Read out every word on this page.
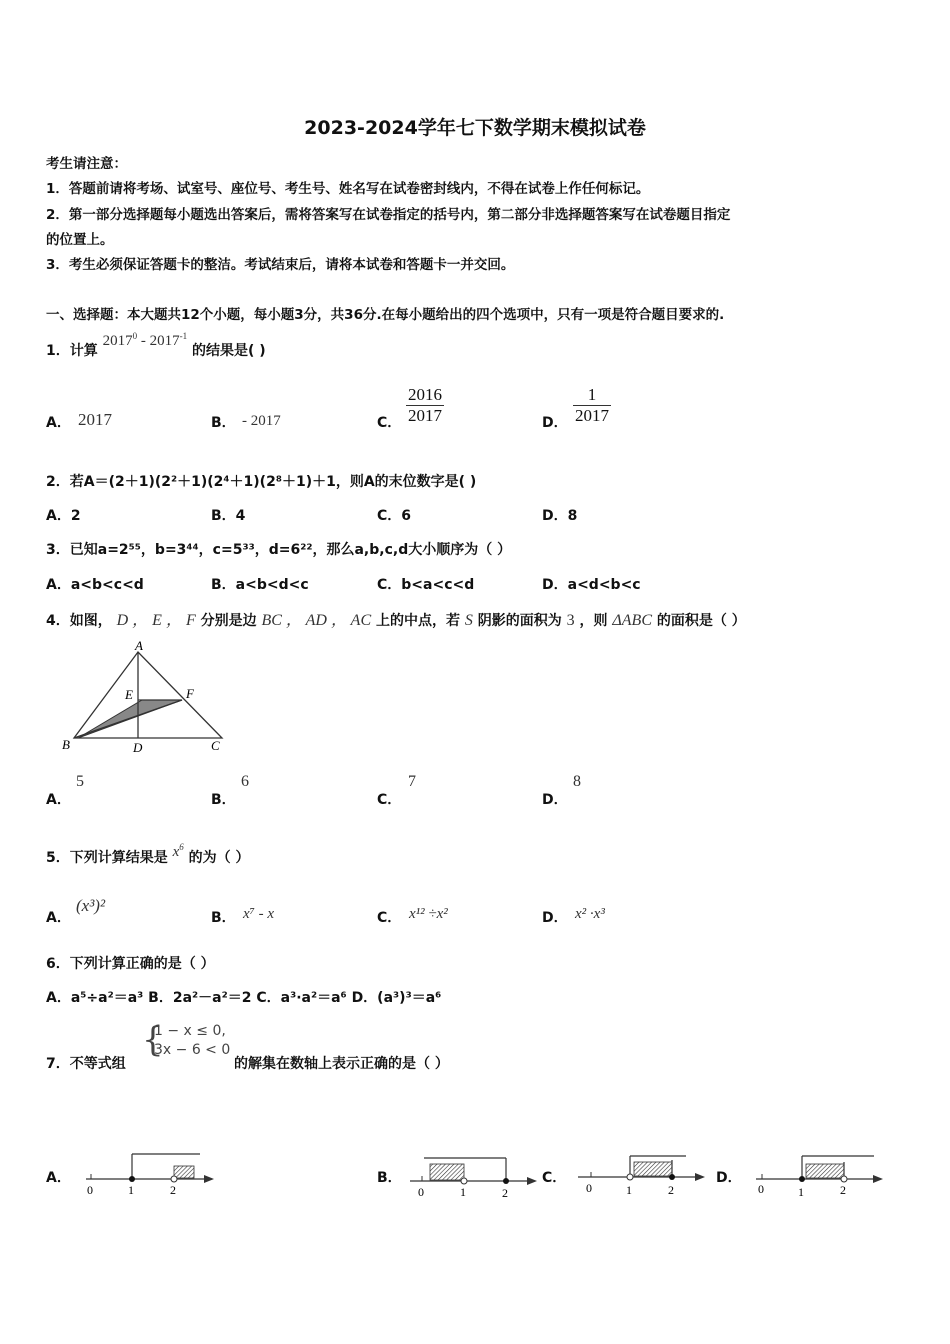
2023-2024学年七下数学期末模拟试卷
考生请注意：
1．答题前请将考场、试室号、座位号、考生号、姓名写在试卷密封线内，不得在试卷上作任何标记。
2．第一部分选择题每小题选出答案后，需将答案写在试卷指定的括号内，第二部分非选择题答案写在试卷题目指定
的位置上。
3．考生必须保证答题卡的整洁。考试结束后，请将本试卷和答题卡一并交回。
一、选择题：本大题共12个小题，每小题3分，共36分.在每小题给出的四个选项中，只有一项是符合题目要求的.
1．计算 $2017^0 - 2017^{-1}$ 的结果是( )
A． 2017	B． - 2017	C． $\frac{2016}{2017}$	D． $\frac{1}{2017}$
2．若A＝(2＋1)(2²＋1)(2⁴＋1)(2⁸＋1)＋1，则A的末位数字是( )
A．2	B．4	C．6	D．8
3．已知a=2⁵⁵，b=3⁴⁴，c=5³³，d=6²²，那么a,b,c,d大小顺序为（ ）
A．a<b<c<d	B．a<b<d<c	C．b<a<c<d	D．a<d<b<c
4．如图， D ， E ， F 分别是边 BC ， AD ， AC 上的中点，若 S 阴影的面积为 3 ，则 ΔABC 的面积是（ ）
A
B	C
D
E	F
A．
5
B．
6
C．
7
D．
8
5．下列计算结果是 $x^6$ 的为（ ）
A．
(x³)²
B． x⁷ - x	C． x¹² ÷x²	D． x² ·x³
6．下列计算正确的是（ ）
A．a⁵÷a²＝a³ B．2a²－a²＝2 C．a³·a²＝a⁶ D．(a³)³＝a⁶
7．不等式组
{
1 − x ≤ 0,
3x − 6 < 0
的解集在数轴上表示正确的是（ ）
A．
0	1	2
B．
0	1	2
C．
0	1	2
D．
0	1	2
